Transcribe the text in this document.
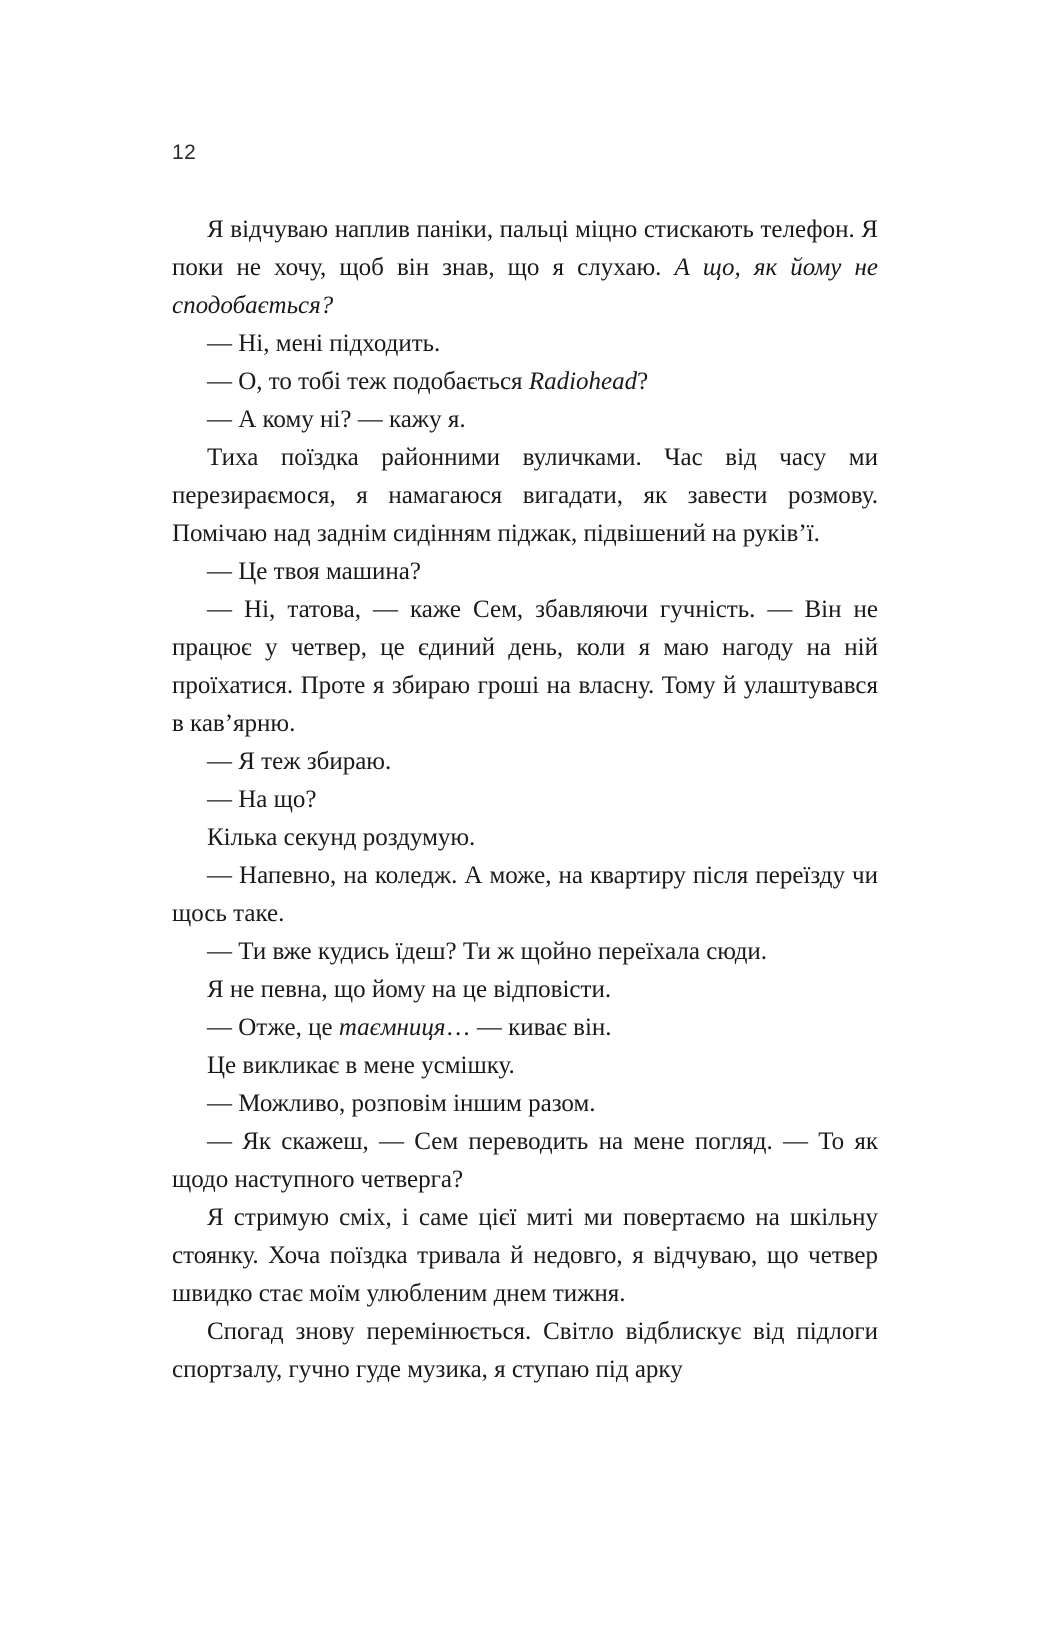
12

Я відчуваю наплив паніки, пальці міцно стискають телефон. Я поки не хочу, щоб він знав, що я слухаю. А що, як йому не сподобається?

— Ні, мені підходить.

— О, то тобі теж подобається Radiohead?

— А кому ні? — кажу я.

Тиха поїздка районними вуличками. Час від часу ми перезираємося, я намагаюся вигадати, як завести розмову. Помічаю над заднім сидінням піджак, підвішений на руків’ї.

— Це твоя машина?

— Ні, татова, — каже Сем, збавляючи гучність. — Він не працює у четвер, це єдиний день, коли я маю нагоду на ній проїхатися. Проте я збираю гроші на власну. Тому й улаштувався в кав’ярню.

— Я теж збираю.

— На що?

Кілька секунд роздумую.

— Напевно, на коледж. А може, на квартиру після переїзду чи щось таке.

— Ти вже кудись їдеш? Ти ж щойно переїхала сюди.

Я не певна, що йому на це відповісти.

— Отже, це таємниця… — киває він.

Це викликає в мене усмішку.

— Можливо, розповім іншим разом.

— Як скажеш, — Сем переводить на мене погляд. — То як щодо наступного четверга?

Я стримую сміх, і саме цієї миті ми повертаємо на шкільну стоянку. Хоча поїздка тривала й недовго, я відчуваю, що четвер швидко стає моїм улюбленим днем тижня.

Спогад знову перемінюється. Світло відблискує від підлоги спортзалу, гучно гуде музика, я ступаю під арку
